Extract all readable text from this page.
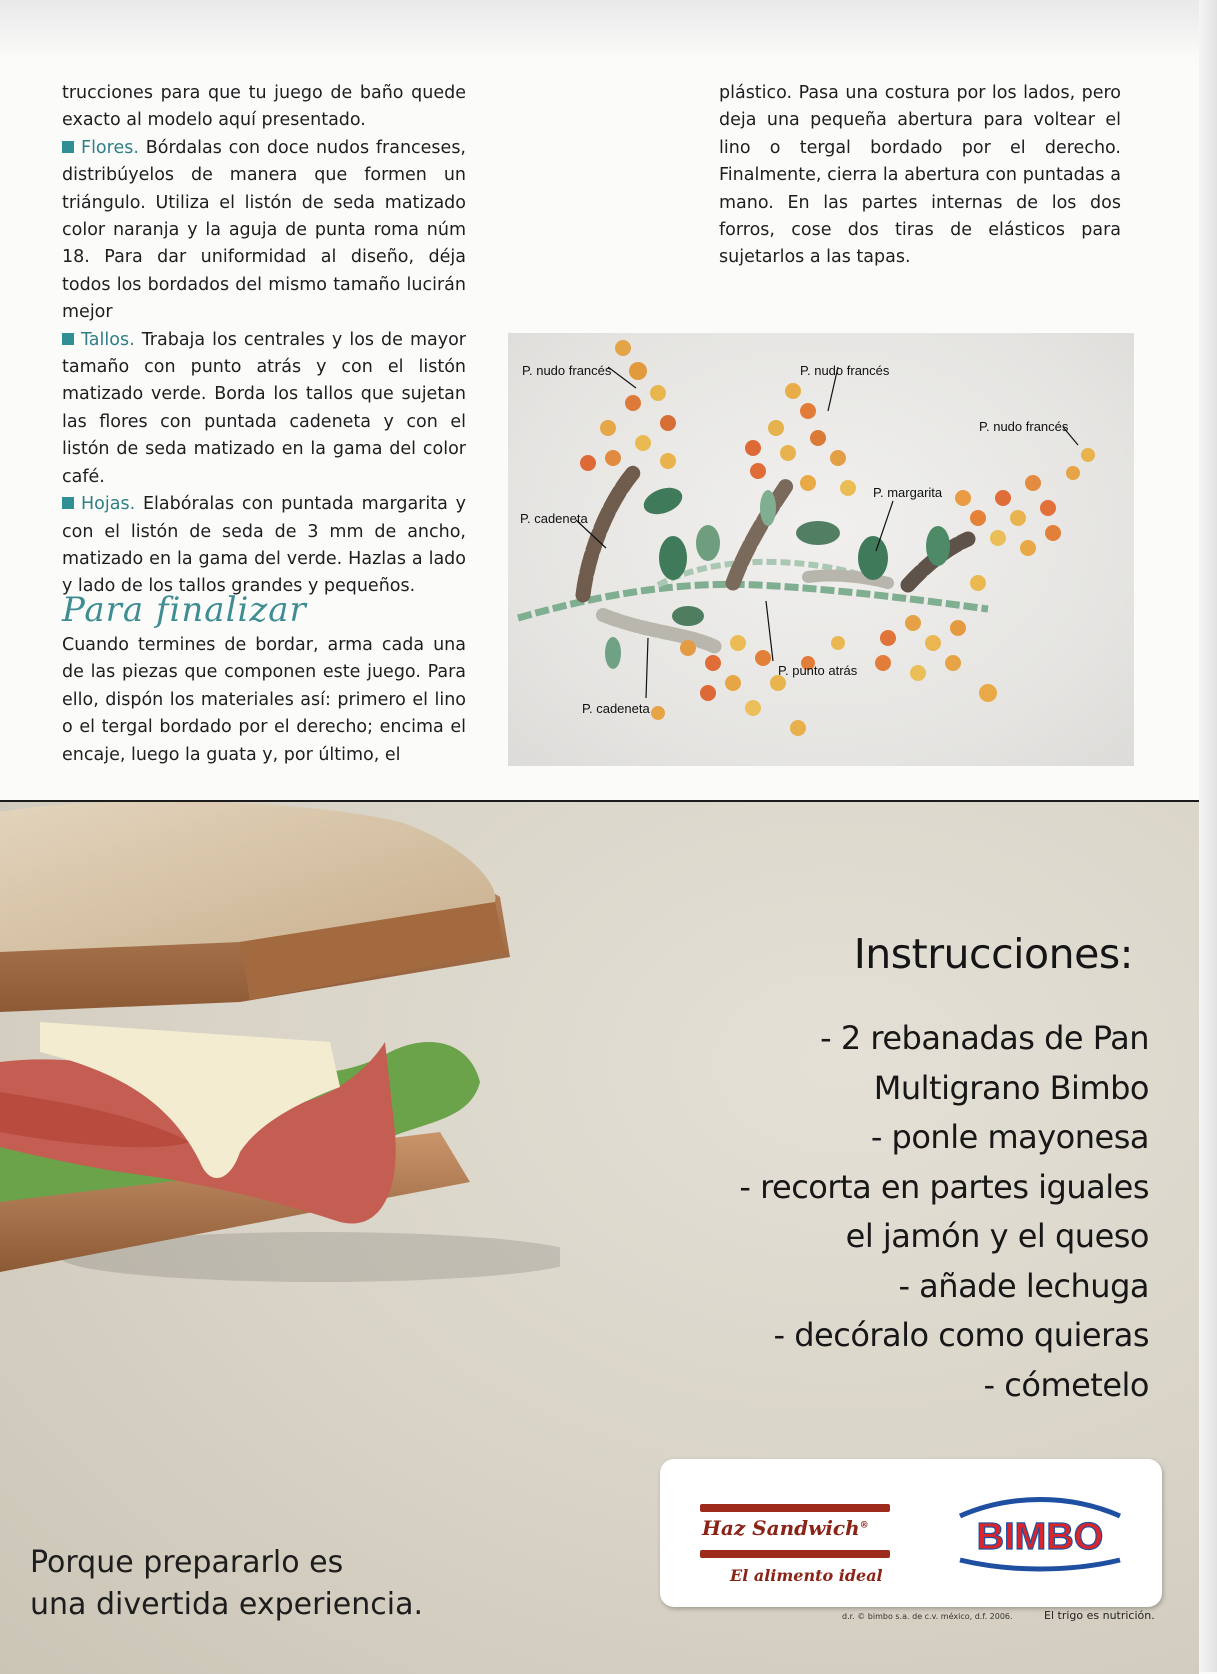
trucciones para que tu juego de baño quede exacto al modelo aquí presentado.

Flores. Bórdalas con doce nudos franceses, distribúyelos de manera que formen un triángulo. Utiliza el listón de seda matizado color naranja y la aguja de punta roma núm 18. Para dar uniformidad al diseño, déja todos los bordados del mismo tamaño lucirán mejor

Tallos. Trabaja los centrales y los de mayor tamaño con punto atrás y con el listón matizado verde. Borda los tallos que sujetan las flores con puntada cadeneta y con el listón de seda matizado en la gama del color café.

Hojas. Elabóralas con puntada margarita y con el listón de seda de 3 mm de ancho, matizado en la gama del verde. Hazlas a lado y lado de los tallos grandes y pequeños.

Para finalizar

Cuando termines de bordar, arma cada una de las piezas que componen este juego. Para ello, dispón los materiales así: primero el lino o el tergal bordado por el derecho; encima el encaje, luego la guata y, por último, el

plástico. Pasa una costura por los lados, pero deja una pequeña abertura para voltear el lino o tergal bordado por el derecho. Finalmente, cierra la abertura con puntadas a mano. En las partes internas de los dos forros, cose dos tiras de elásticos para sujetarlos a las tapas.

P. nudo francés	P. nudo francés
P. nudo francés
P. margarita
P. cadeneta
P. punto atrás
P. cadeneta
Instrucciones:
- 2 rebanadas de Pan
Multigrano Bimbo
- ponle mayonesa
- recorta en partes iguales
el jamón y el queso
- añade lechuga
- decóralo como quieras
- cómetelo

Porque prepararlo es
una divertida experiencia.

Haz Sandwich®
El alimento ideal
BIMBO
d.r. © bimbo s.a. de c.v. méxico, d.f. 2006.	El trigo es nutrición.
